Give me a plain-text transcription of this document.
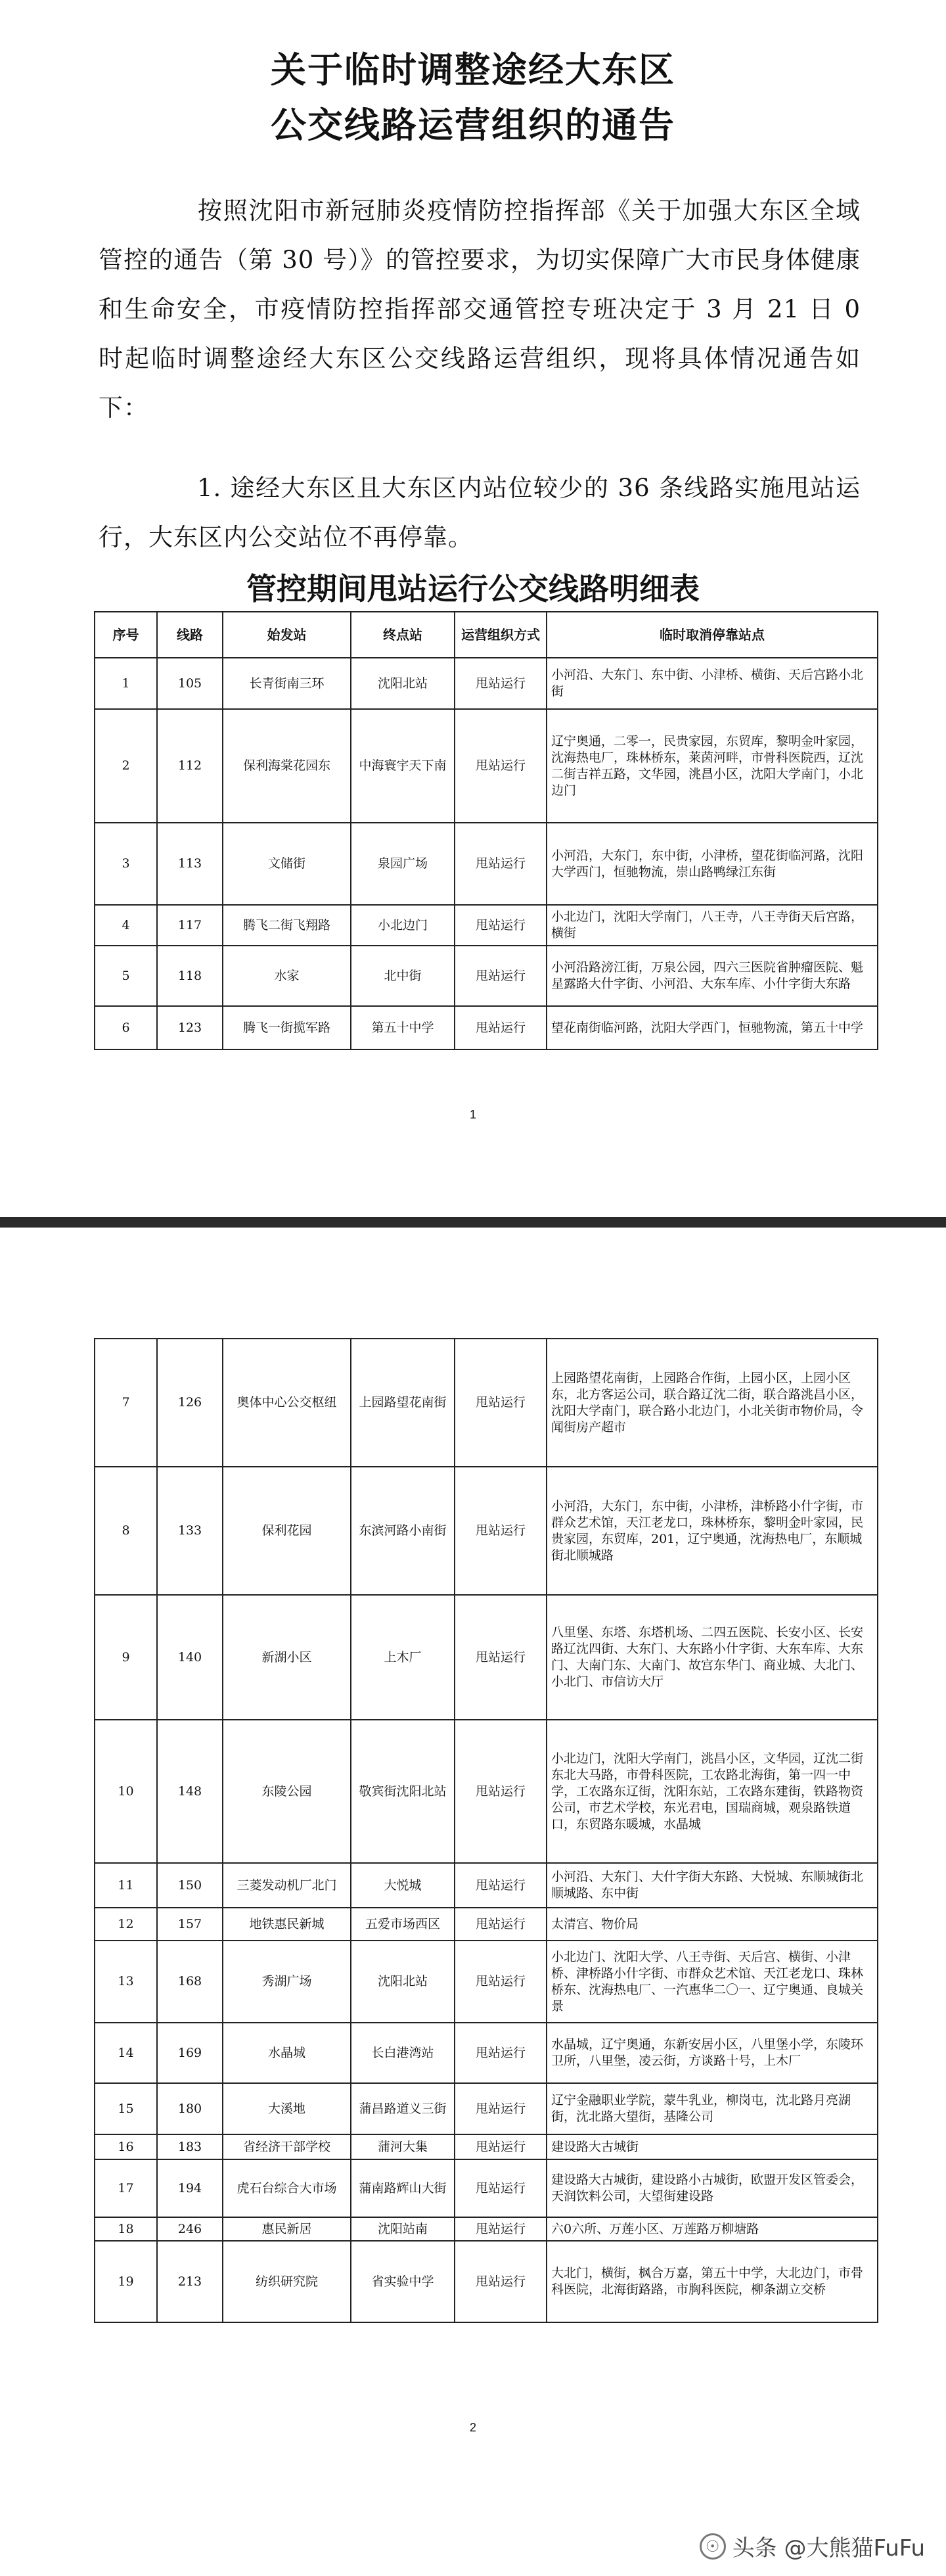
关于临时调整途经大东区
公交线路运营组织的通告
按照沈阳市新冠肺炎疫情防控指挥部《关于加强大东区全域管控的通告（第 30 号）》的管控要求，为切实保障广大市民身体健康和生命安全，市疫情防控指挥部交通管控专班决定于 3 月 21 日 0 时起临时调整途经大东区公交线路运营组织，现将具体情况通告如下：
1. 途经大东区且大东区内站位较少的 36 条线路实施甩站运行，大东区内公交站位不再停靠。
管控期间甩站运行公交线路明细表
序号	线路	始发站	终点站	运营组织方式	临时取消停靠站点
1	105	长青街南三环	沈阳北站	甩站运行	小河沿、大东门、东中街、小津桥、横街、天后宫路小北街
2	112	保利海棠花园东	中海寰宇天下南	甩站运行	辽宁奥通，二零一，民贵家园，东贸库，黎明金叶家园，沈海热电厂，珠林桥东，莱茵河畔，市骨科医院西，辽沈二街吉祥五路，文华园，洮昌小区，沈阳大学南门，小北边门
3	113	文储街	泉园广场	甩站运行	小河沿，大东门，东中街，小津桥，望花街临河路，沈阳大学西门，恒驰物流，崇山路鸭绿江东街
4	117	腾飞二街飞翔路	小北边门	甩站运行	小北边门，沈阳大学南门，八王寺，八王寺街天后宫路，横街
5	118	水家	北中街	甩站运行	小河沿路滂江街，万泉公园，四六三医院省肿瘤医院、魁星露路大什字街、小河沿、大东车库、小什字街大东路
6	123	腾飞一街揽军路	第五十中学	甩站运行	望花南街临河路，沈阳大学西门，恒驰物流，第五十中学
1
7	126	奥体中心公交枢纽	上园路望花南街	甩站运行	上园路望花南街，上园路合作街，上园小区，上园小区东，北方客运公司，联合路辽沈二街，联合路洮昌小区，沈阳大学南门，联合路小北边门，小北关街市物价局，令闻街房产超市
8	133	保利花园	东滨河路小南街	甩站运行	小河沿，大东门，东中街，小津桥，津桥路小什字街，市群众艺术馆，天江老龙口，珠林桥东，黎明金叶家园，民贵家园，东贸库，201，辽宁奥通，沈海热电厂，东顺城街北顺城路
9	140	新湖小区	上木厂	甩站运行	八里堡、东塔、东塔机场、二四五医院、长安小区、长安路辽沈四街、大东门、大东路小什字街、大东车库、大东门、大南门东、大南门、故宫东华门、商业城、大北门、小北门、市信访大厅
10	148	东陵公园	敬宾街沈阳北站	甩站运行	小北边门，沈阳大学南门，洮昌小区，文华园，辽沈二街东北大马路，市骨科医院，工农路北海街，第一四一中学，工农路东辽街，沈阳东站，工农路东建街，铁路物资公司，市艺术学校，东光君电，国瑞商城，观泉路铁道口，东贸路东暖城，水晶城
11	150	三菱发动机厂北门	大悦城	甩站运行	小河沿、大东门、大什字街大东路、大悦城、东顺城街北顺城路、东中街
12	157	地铁惠民新城	五爱市场西区	甩站运行	太清宫、物价局
13	168	秀湖广场	沈阳北站	甩站运行	小北边门、沈阳大学、八王寺街、天后宫、横街、小津桥、津桥路小什字街、市群众艺术馆、天江老龙口、珠林桥东、沈海热电厂、一汽惠华二〇一、辽宁奥通、良城关景
14	169	水晶城	长白港湾站	甩站运行	水晶城，辽宁奥通，东新安居小区，八里堡小学，东陵环卫所，八里堡，凌云街，方谈路十号，上木厂
15	180	大溪地	蒲昌路道义三街	甩站运行	辽宁金融职业学院，蒙牛乳业，柳岗屯，沈北路月亮湖街，沈北路大望街，基隆公司
16	183	省经济干部学校	蒲河大集	甩站运行	建设路大古城街
17	194	虎石台综合大市场	蒲南路辉山大街	甩站运行	建设路大古城街，建设路小古城街，欧盟开发区管委会，天润饮料公司，大望街建设路
18	246	惠民新居	沈阳站南	甩站运行	六0六所、万莲小区、万莲路万柳塘路
19	213	纺织研究院	省实验中学	甩站运行	大北门，横街，枫合万嘉，第五十中学，大北边门，市骨科医院，北海街路路，市胸科医院，柳条湖立交桥
2
☉ 头条 @大熊猫FuFu
